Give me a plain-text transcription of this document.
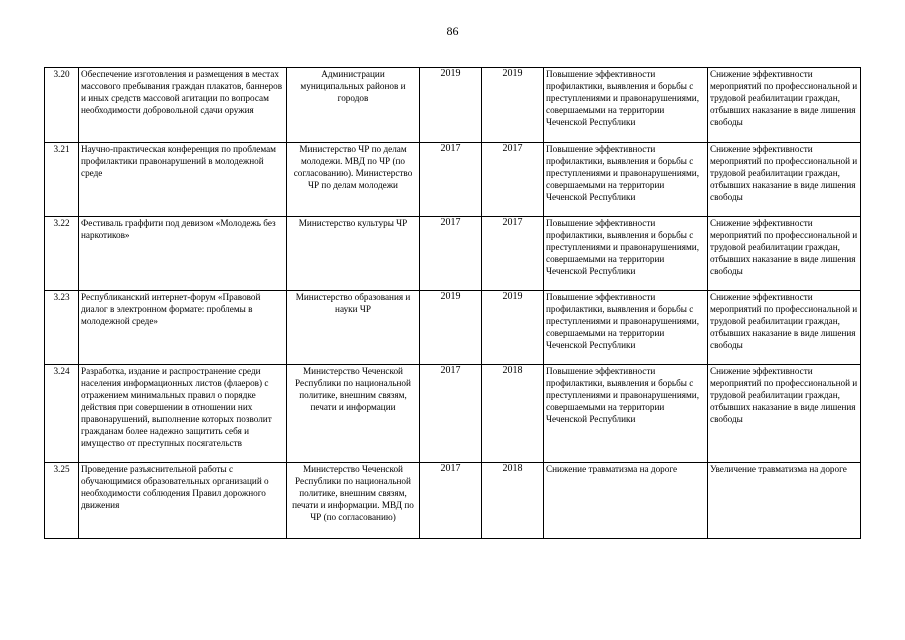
86
3.20	Обеспечение изготовления и размещения в местах массового пребывания граждан плакатов, баннеров и иных средств массовой агитации по вопросам необходимости добровольной сдачи оружия	Администрации муниципальных районов и городов	2019	2019	Повышение эффективности профилактики, выявления и борьбы с преступлениями и правонарушениями, совершаемыми на территории Чеченской Республики	Снижение эффективности мероприятий по профессиональной и трудовой реабилитации граждан, отбывших наказание в виде лишения свободы
3.21	Научно-практическая конференция по проблемам профилактики правонарушений в молодежной среде	Министерство ЧР по делам молодежи. МВД по ЧР (по согласованию). Министерство ЧР по делам молодежи	2017	2017	Повышение эффективности профилактики, выявления и борьбы с преступлениями и правонарушениями, совершаемыми на территории Чеченской Республики	Снижение эффективности мероприятий по профессиональной и трудовой реабилитации граждан, отбывших наказание в виде лишения свободы
3.22	Фестиваль граффити под девизом «Молодежь без наркотиков»	Министерство культуры ЧР	2017	2017	Повышение эффективности профилактики, выявления и борьбы с преступлениями и правонарушениями, совершаемыми на территории Чеченской Республики	Снижение эффективности мероприятий по профессиональной и трудовой реабилитации граждан, отбывших наказание в виде лишения свободы
3.23	Республиканский интернет-форум «Правовой диалог в электронном формате: проблемы в молодежной среде»	Министерство образования и науки ЧР	2019	2019	Повышение эффективности профилактики, выявления и борьбы с преступлениями и правонарушениями, совершаемыми на территории Чеченской Республики	Снижение эффективности мероприятий по профессиональной и трудовой реабилитации граждан, отбывших наказание в виде лишения свободы
3.24	Разработка, издание и распространение среди населения информационных листов (флаеров) с отражением минимальных правил о порядке действия при совершении в отношении них правонарушений, выполнение которых позволит гражданам более надежно защитить себя и имущество от преступных посягательств	Министерство Чеченской Республики по национальной политике, внешним связям, печати и информации	2017	2018	Повышение эффективности профилактики, выявления и борьбы с преступлениями и правонарушениями, совершаемыми на территории Чеченской Республики	Снижение эффективности мероприятий по профессиональной и трудовой реабилитации граждан, отбывших наказание в виде лишения свободы
3.25	Проведение разъяснительной работы с обучающимися образовательных организаций о необходимости соблюдения Правил дорожного движения	Министерство Чеченской Республики по национальной политике, внешним связям, печати и информации. МВД по ЧР (по согласованию)	2017	2018	Снижение травматизма на дороге	Увеличение травматизма на дороге
